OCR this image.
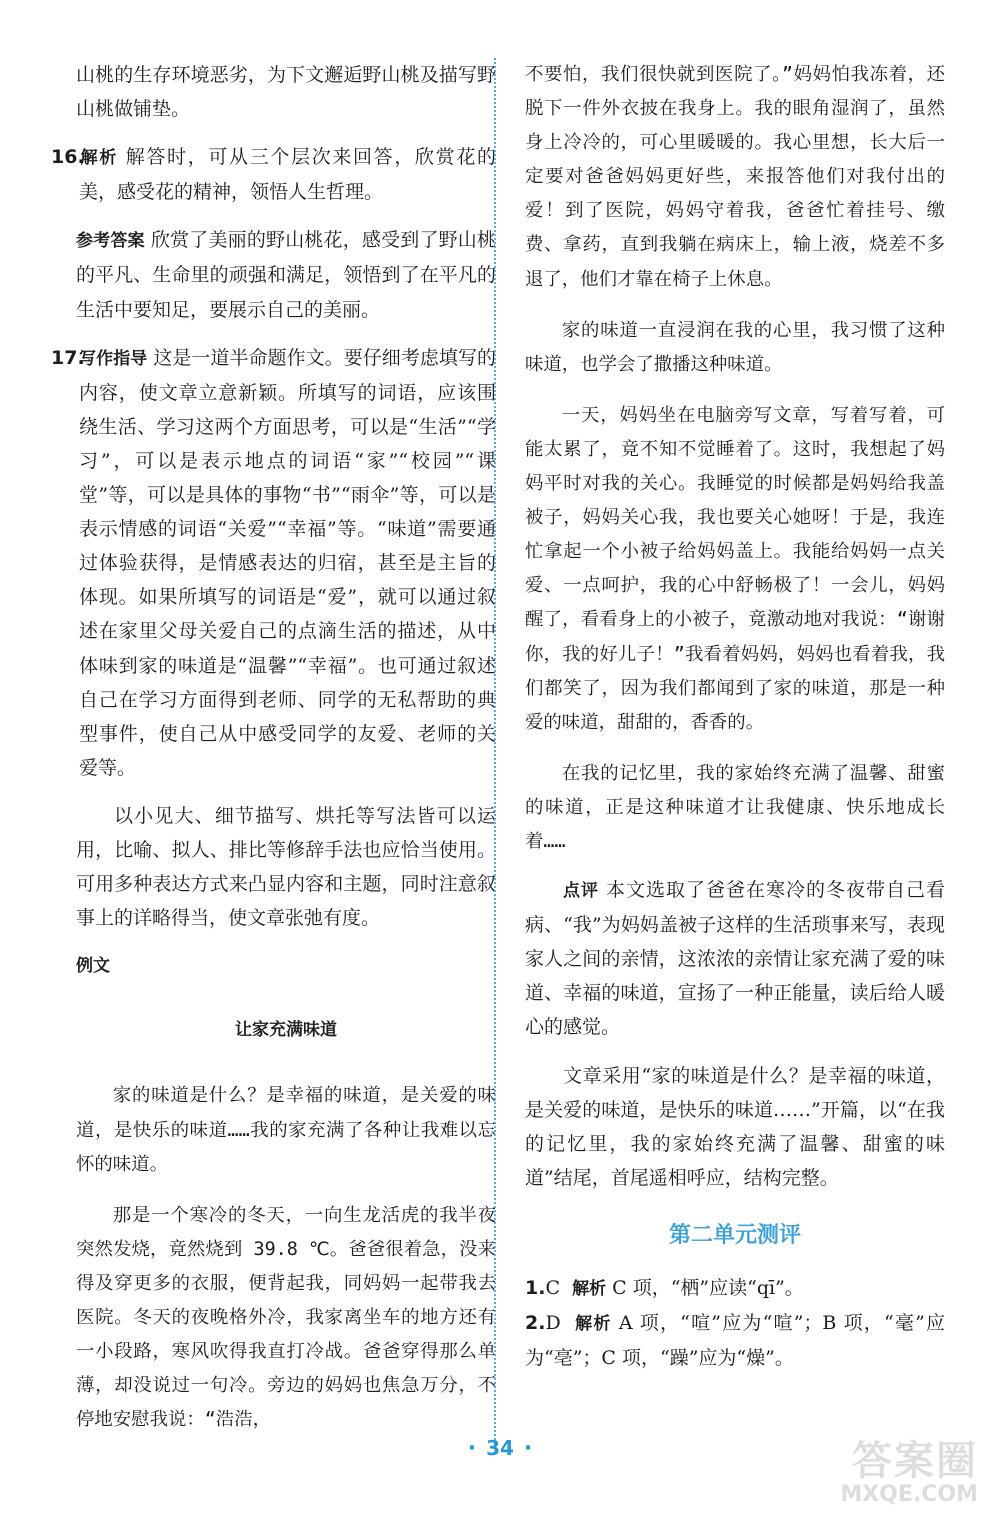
山桃的生存环境恶劣，为下文邂逅野山桃及描写野山桃做铺垫。

16.解析 解答时，可从三个层次来回答，欣赏花的美，感受花的精神，领悟人生哲理。

参考答案 欣赏了美丽的野山桃花，感受到了野山桃的平凡、生命里的顽强和满足，领悟到了在平凡的生活中要知足，要展示自己的美丽。

17.写作指导 这是一道半命题作文。要仔细考虑填写的内容，使文章立意新颖。所填写的词语，应该围绕生活、学习这两个方面思考，可以是“生活”“学习”，可以是表示地点的词语“家”“校园”“课堂”等，可以是具体的事物“书”“雨伞”等，可以是表示情感的词语“关爱”“幸福”等。“味道”需要通过体验获得，是情感表达的归宿，甚至是主旨的体现。如果所填写的词语是“爱”，就可以通过叙述在家里父母关爱自己的点滴生活的描述，从中体味到家的味道是“温馨”“幸福”。也可通过叙述自己在学习方面得到老师、同学的无私帮助的典型事件，使自己从中感受同学的友爱、老师的关爱等。

以小见大、细节描写、烘托等写法皆可以运用，比喻、拟人、排比等修辞手法也应恰当使用。可用多种表达方式来凸显内容和主题，同时注意叙事上的详略得当，使文章张弛有度。

例文

让家充满味道

家的味道是什么？是幸福的味道，是关爱的味道，是快乐的味道……我的家充满了各种让我难以忘怀的味道。

那是一个寒冷的冬天，一向生龙活虎的我半夜突然发烧，竟然烧到 39.8 ℃。爸爸很着急，没来得及穿更多的衣服，便背起我，同妈妈一起带我去医院。冬天的夜晚格外冷，我家离坐车的地方还有一小段路，寒风吹得我直打冷战。爸爸穿得那么单薄，却没说过一句冷。旁边的妈妈也焦急万分，不停地安慰我说：“浩浩，

不要怕，我们很快就到医院了。”妈妈怕我冻着，还脱下一件外衣披在我身上。我的眼角湿润了，虽然身上冷冷的，可心里暖暖的。我心里想，长大后一定要对爸爸妈妈更好些，来报答他们对我付出的爱！到了医院，妈妈守着我，爸爸忙着挂号、缴费、拿药，直到我躺在病床上，输上液，烧差不多退了，他们才靠在椅子上休息。

家的味道一直浸润在我的心里，我习惯了这种味道，也学会了撒播这种味道。

一天，妈妈坐在电脑旁写文章，写着写着，可能太累了，竟不知不觉睡着了。这时，我想起了妈妈平时对我的关心。我睡觉的时候都是妈妈给我盖被子，妈妈关心我，我也要关心她呀！于是，我连忙拿起一个小被子给妈妈盖上。我能给妈妈一点关爱、一点呵护，我的心中舒畅极了！一会儿，妈妈醒了，看看身上的小被子，竟激动地对我说：“谢谢你，我的好儿子！”我看着妈妈，妈妈也看着我，我们都笑了，因为我们都闻到了家的味道，那是一种爱的味道，甜甜的，香香的。

在我的记忆里，我的家始终充满了温馨、甜蜜的味道，正是这种味道才让我健康、快乐地成长着……

点评 本文选取了爸爸在寒冷的冬夜带自己看病、“我”为妈妈盖被子这样的生活琐事来写，表现家人之间的亲情，这浓浓的亲情让家充满了爱的味道、幸福的味道，宣扬了一种正能量，读后给人暖心的感觉。

文章采用“家的味道是什么？是幸福的味道，是关爱的味道，是快乐的味道……”开篇，以“在我的记忆里，我的家始终充满了温馨、甜蜜的味道”结尾，首尾遥相呼应，结构完整。

第二单元测评

1.C 解析 C 项，“栖”应读“qī”。

2.D 解析 A 项，“喧”应为“喧”；B 项，“毫”应为“亳”；C 项，“躁”应为“燥”。

· 34 ·	答案圈
MXQE.COM
